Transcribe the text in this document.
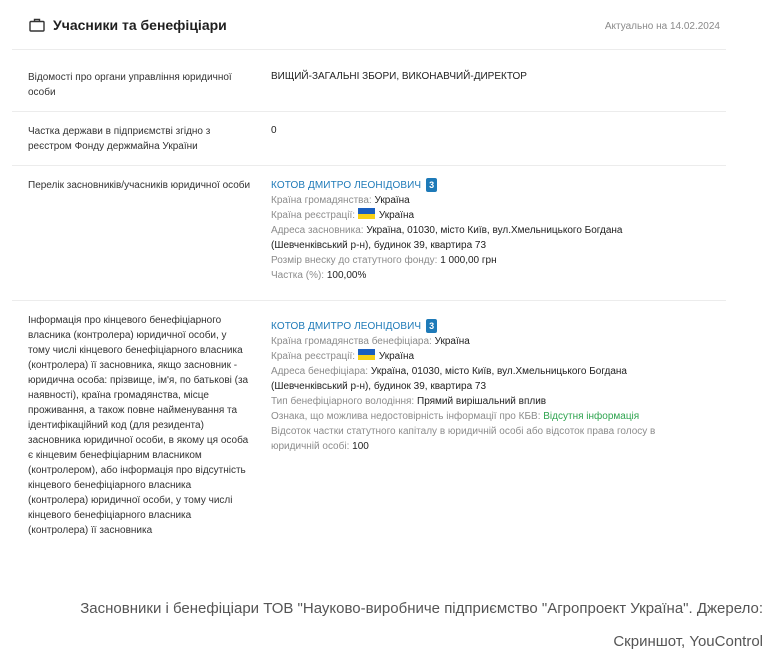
Учасники та бенефіціари	Актуально на 14.02.2024
Відомості про органи управління юридичної особи
ВИЩИЙ-ЗАГАЛЬНІ ЗБОРИ, ВИКОНАВЧИЙ-ДИРЕКТОР
Частка держави в підприємстві згідно з реєстром Фонду держмайна України
0
Перелік засновників/учасників юридичної особи КОТОВ ДМИТРО ЛЕОНІДОВИЧ 3
Країна громадянства: Україна
Країна реєстрації: Україна
Адреса засновника: Україна, 01030, місто Київ, вул.Хмельницького Богдана
(Шевченківський р-н), будинок 39, квартира 73
Розмір внеску до статутного фонду: 1 000,00 грн
Частка (%): 100,00%
Інформація про кінцевого бенефіціарного власника (контролера) юридичної особи, у тому числі кінцевого бенефіціарного власника (контролера) її засновника, якщо засновник - юридична особа: прізвище, ім'я, по батькові (за наявності), країна громадянства, місце проживання, а також повне найменування та ідентифікаційний код (для резидента) засновника юридичної особи, в якому ця особа є кінцевим бенефіціарним власником (контролером), або інформація про відсутність кінцевого бенефіціарного власника (контролера) юридичної особи, у тому числі кінцевого бенефіціарного власника (контролера) її засновника
КОТОВ ДМИТРО ЛЕОНІДОВИЧ 3
Країна громадянства бенефіціара: Україна
Країна реєстрації: Україна
Адреса бенефіціара: Україна, 01030, місто Київ, вул.Хмельницького Богдана
(Шевченківський р-н), будинок 39, квартира 73
Тип бенефіціарного володіння: Прямий вирішальний вплив
Ознака, що можлива недостовірність інформації про КБВ: Відсутня інформація
Відсоток частки статутного капіталу в юридичній особі або відсоток права голосу в
юридичній особі: 100
Засновники і бенефіціари ТОВ "Науково-виробниче підприємство "Агропроект Україна". Джерело:
Скриншот, YouControl
